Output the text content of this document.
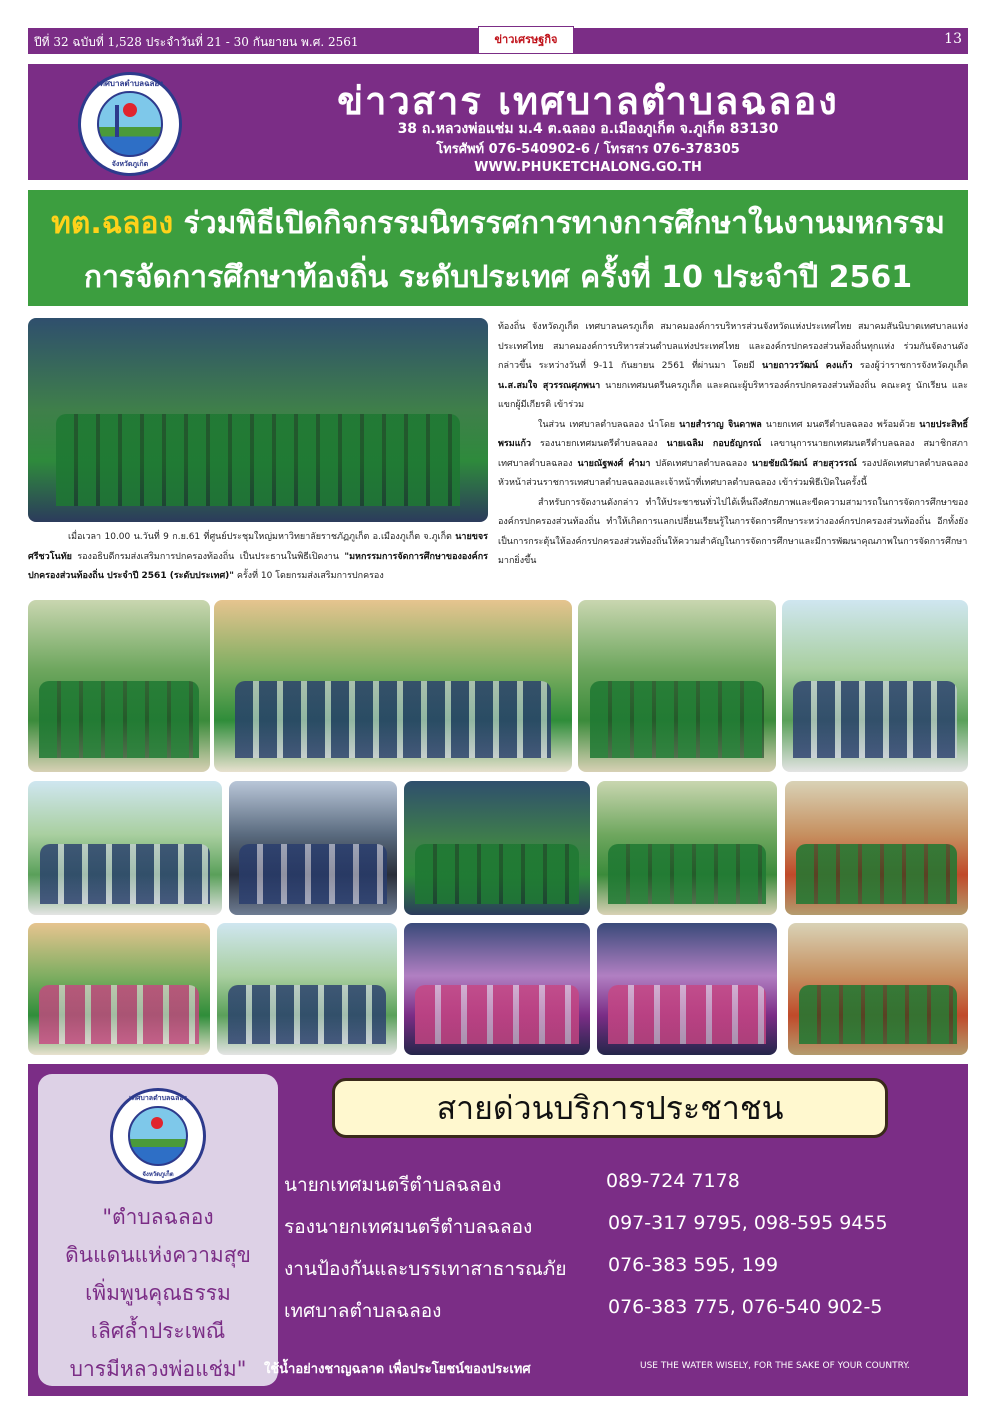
ปีที่ 32 ฉบับที่ 1,528 ประจำวันที่ 21 - 30 กันยายน พ.ศ. 2561	ข่าวเศรษฐกิจ	13
เทศบาลตำบลฉลอง
จังหวัดภูเก็ต
ข่าวสาร เทศบาลตำบลฉลอง
38 ถ.หลวงพ่อแช่ม ม.4 ต.ฉลอง อ.เมืองภูเก็ต จ.ภูเก็ต 83130
โทรศัพท์ 076-540902-6 / โทรสาร 076-378305
WWW.PHUKETCHALONG.GO.TH
ทต.ฉลอง ร่วมพิธีเปิดกิจกรรมนิทรรศการทางการศึกษาในงานมหกรรม
การจัดการศึกษาท้องถิ่น ระดับประเทศ ครั้งที่ 10 ประจำปี 2561

ท้องถิ่น จังหวัดภูเก็ต เทศบาลนครภูเก็ต สมาคมองค์การบริหารส่วนจังหวัดแห่งประเทศไทย สมาคมสันนิบาตเทศบาลแห่งประเทศไทย สมาคมองค์การบริหารส่วนตำบลแห่งประเทศไทย และองค์กรปกครองส่วนท้องถิ่นทุกแห่ง ร่วมกันจัดงานดังกล่าวขึ้น ระหว่างวันที่ 9-11 กันยายน 2561 ที่ผ่านมา โดยมี นายถาวรวัฒน์ คงแก้ว รองผู้ว่าราชการจังหวัดภูเก็ต น.ส.สมใจ สุวรรณศุภพนา นายกเทศมนตรีนครภูเก็ต และคณะผู้บริหารองค์กรปกครองส่วนท้องถิ่น คณะครู นักเรียน และ แขกผู้มีเกียรติ เข้าร่วม

ในส่วน เทศบาลตำบลฉลอง นำโดย นายสำราญ จินดาพล นายกเทศ มนตรีตำบลฉลอง พร้อมด้วย นายประสิทธิ์ พรมแก้ว รองนายกเทศมนตรีตำบลฉลอง นายเฉลิม กอบธัญกรณ์ เลขานุการนายกเทศมนตรีตำบลฉลอง สมาชิกสภาเทศบาลตำบลฉลอง นายณัฐพงศ์ คำมา ปลัดเทศบาลตำบลฉลอง นายชัยณิวัฒน์ สายสุวรรณ์ รองปลัดเทศบาลตำบลฉลอง หัวหน้าส่วนราชการเทศบาลตำบลฉลองและเจ้าหน้าที่เทศบาลตำบลฉลอง เข้าร่วมพิธีเปิดในครั้งนี้

สำหรับการจัดงานดังกล่าว ทำให้ประชาชนทั่วไปได้เห็นถึงศักยภาพและขีดความสามารถในการจัดการศึกษาขององค์กรปกครองส่วนท้องถิ่น ทำให้เกิดการแลกเปลี่ยนเรียนรู้ในการจัดการศึกษาระหว่างองค์กรปกครองส่วนท้องถิ่น อีกทั้งยังเป็นการกระตุ้นให้องค์กรปกครองส่วนท้องถิ่นให้ความสำคัญในการจัดการศึกษาและมีการพัฒนาคุณภาพในการจัดการศึกษามากยิ่งขึ้น

เมื่อเวลา 10.00 น.วันที่ 9 ก.ย.61 ที่ศูนย์ประชุมใหญ่มหาวิทยาลัยราชภัฏภูเก็ต อ.เมืองภูเก็ต จ.ภูเก็ต นายขจร ศรีชวโนทัย รองอธิบดีกรมส่งเสริมการปกครองท้องถิ่น เป็นประธานในพิธีเปิดงาน "มหกรรมการจัดการศึกษาขององค์กรปกครองส่วนท้องถิ่น ประจำปี 2561 (ระดับประเทศ)" ครั้งที่ 10 โดยกรมส่งเสริมการปกครอง

เทศบาลตำบลฉลอง
จังหวัดภูเก็ต
"ตำบลฉลอง
ดินแดนแห่งความสุข
เพิ่มพูนคุณธรรม
เลิศล้ำประเพณี
บารมีหลวงพ่อแช่ม"
สายด่วนบริการประชาชน
นายกเทศมนตรีตำบลฉลอง	089-724 7178
รองนายกเทศมนตรีตำบลฉลอง	097-317 9795, 098-595 9455
งานป้องกันและบรรเทาสาธารณภัย 076-383 595, 199
เทศบาลตำบลฉลอง	076-383 775, 076-540 902-5
ใช้น้ำอย่างชาญฉลาด เพื่อประโยชน์ของประเทศ	USE THE WATER WISELY, FOR THE SAKE OF YOUR COUNTRY.
